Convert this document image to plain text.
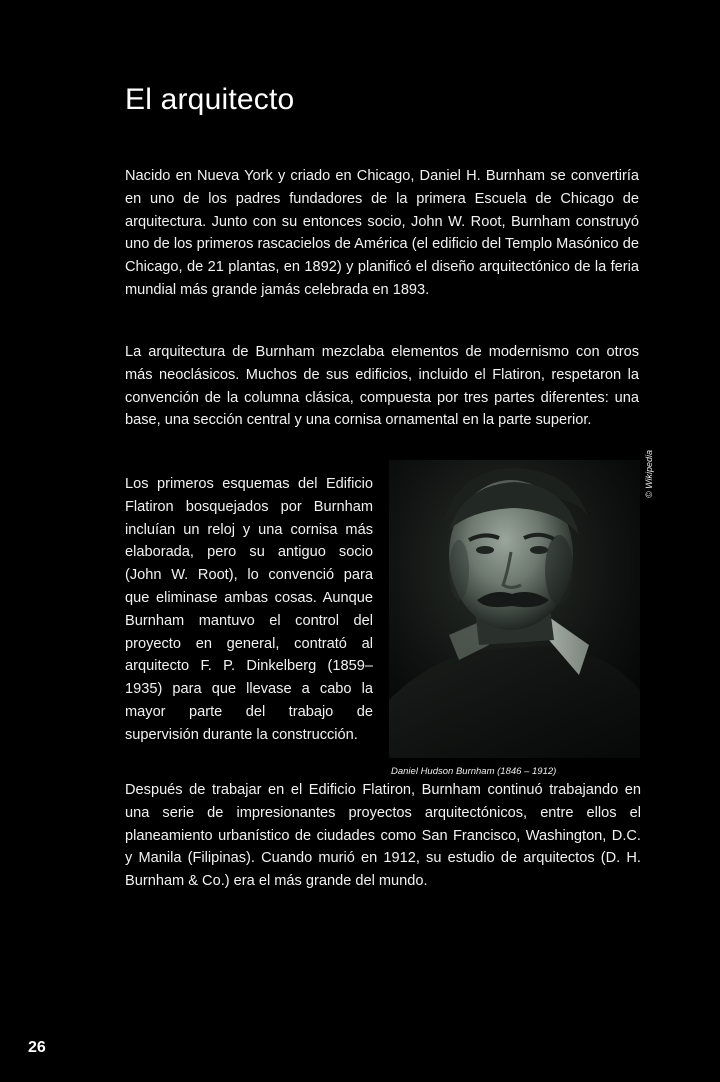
El arquitecto

Nacido en Nueva York y criado en Chicago, Daniel H. Burnham se convertiría en uno de los padres fundadores de la primera Escuela de Chicago de arquitectura. Junto con su entonces socio, John W. Root, Burnham construyó uno de los primeros rascacielos de América (el edificio del Templo Masónico de Chicago, de 21 plantas, en 1892) y planificó el diseño arquitectónico de la feria mundial más grande jamás celebrada en 1893.

La arquitectura de Burnham mezclaba elementos de modernismo con otros más neoclásicos. Muchos de sus edificios, incluido el Flatiron, respetaron la convención de la columna clásica, compuesta por tres partes diferentes: una base, una sección central y una cornisa ornamental en la parte superior.

Los primeros esquemas del Edificio Flatiron bosquejados por Burnham incluían un reloj y una cornisa más elaborada, pero su antiguo socio (John W. Root), lo convenció para que eliminase ambas cosas. Aunque Burnham mantuvo el control del proyecto en general, contrató al arquitecto F. P. Dinkelberg (1859–1935) para que llevase a cabo la mayor parte del trabajo de supervisión durante la construcción.

© Wikipedia
Daniel Hudson Burnham (1846 – 1912)

Después de trabajar en el Edificio Flatiron, Burnham continuó trabajando en una serie de impresionantes proyectos arquitectónicos, entre ellos el planeamiento urbanístico de ciudades como San Francisco, Washington, D.C. y Manila (Filipinas). Cuando murió en 1912, su estudio de arquitectos (D. H. Burnham & Co.) era el más grande del mundo.

26
